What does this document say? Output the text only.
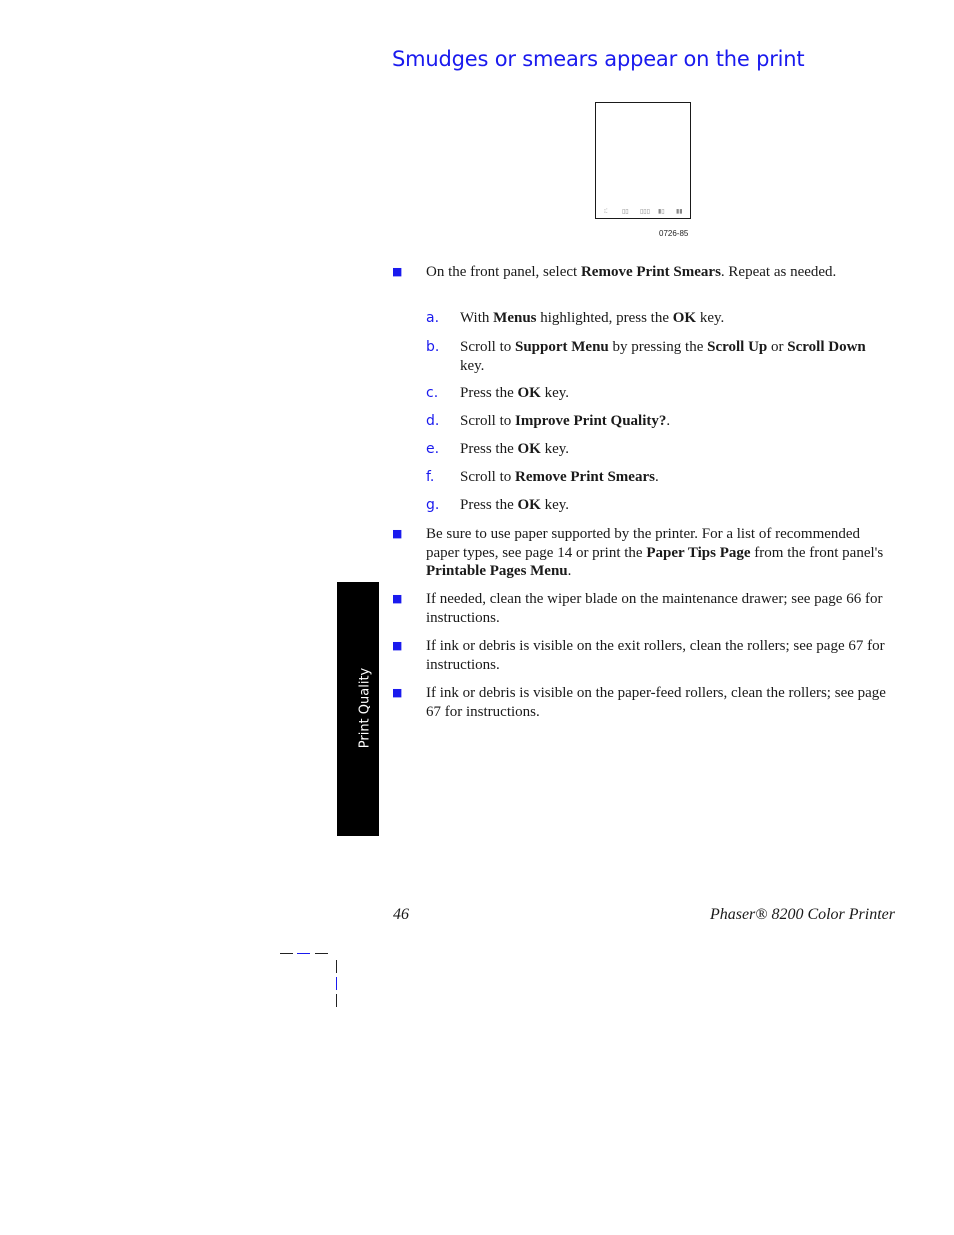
Smudges or smears appear on the print
⁝⁚ ▯▯ ▯▯▯ ▮▯ ▮▮
0726-85
■ On the front panel, select Remove Print Smears. Repeat as needed.
a. With Menus highlighted, press the OK key.
b. Scroll to Support Menu by pressing the Scroll Up or Scroll Down key.
c. Press the OK key.
d. Scroll to Improve Print Quality?.
e. Press the OK key.
f. Scroll to Remove Print Smears.
g. Press the OK key.
■ Be sure to use paper supported by the printer. For a list of recommended paper types, see page 14 or print the Paper Tips Page from the front panel's Printable Pages Menu.
■ If needed, clean the wiper blade on the maintenance drawer; see page 66 for instructions.
■ If ink or debris is visible on the exit rollers, clean the rollers; see page 67 for instructions.
■ If ink or debris is visible on the paper-feed rollers, clean the rollers; see page 67 for instructions.
Print Quality
46	Phaser® 8200 Color Printer
